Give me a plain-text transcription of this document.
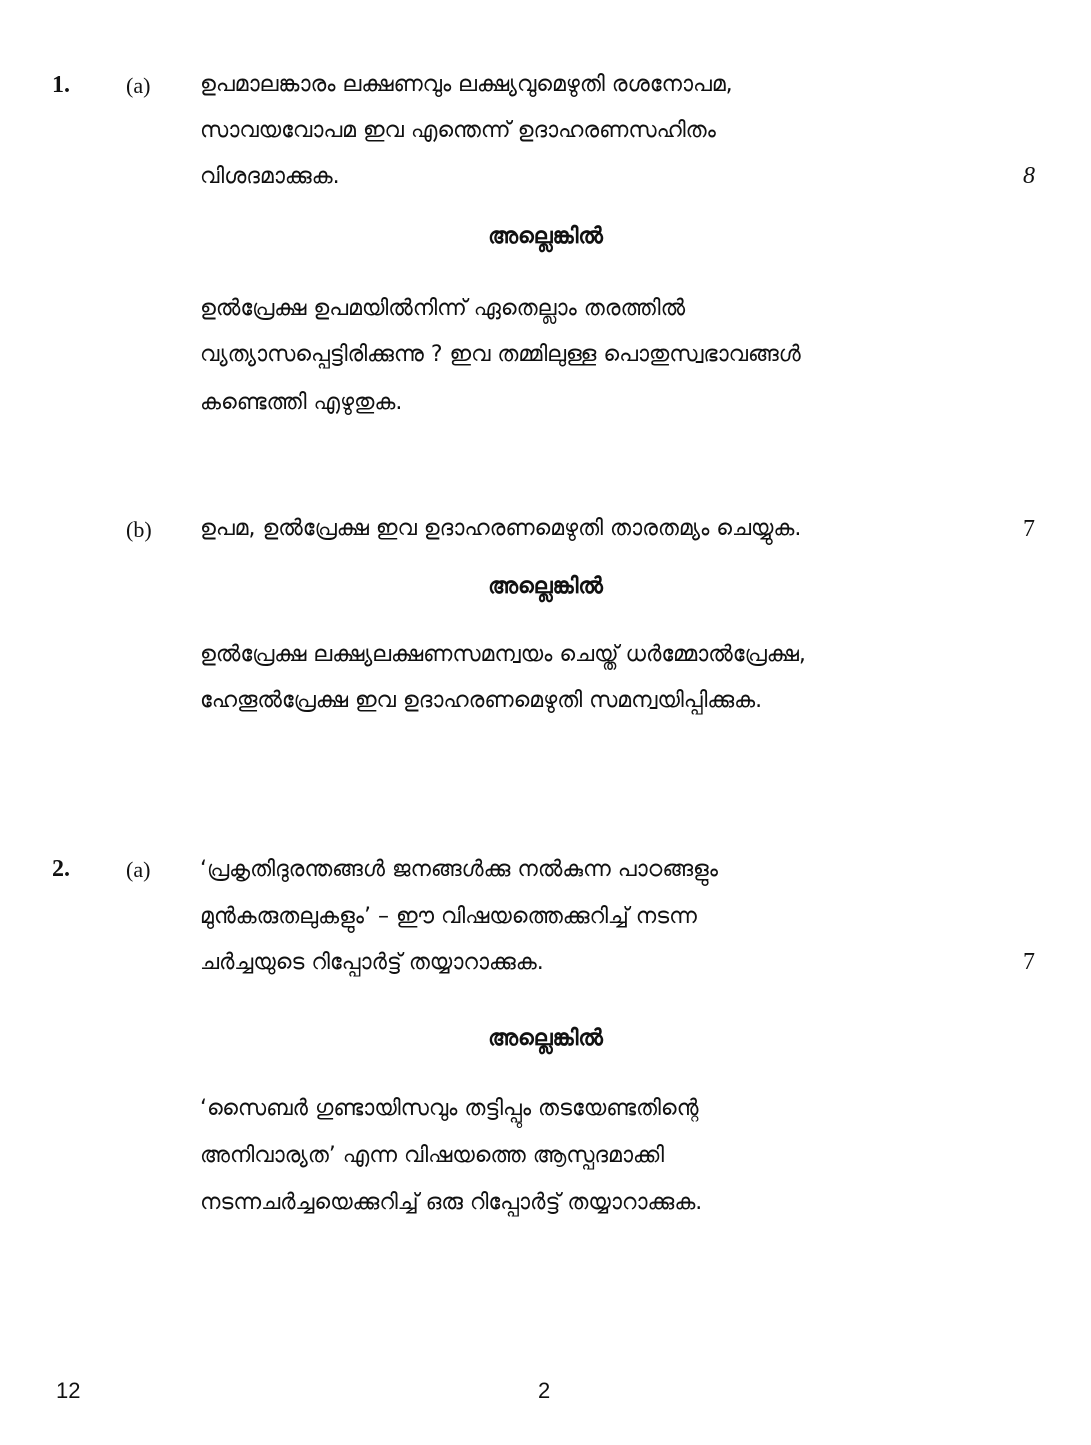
1.	(a) ഉപമാലങ്കാരം ലക്ഷണവും ലക്ഷ്യവുമെഴുതി രശനോപമ,
സാവയവോപമ ഇവ എന്തെന്ന് ഉദാഹരണസഹിതം
വിശദമാക്കുക.	8
അല്ലെങ്കിൽ
ഉൽപ്രേക്ഷ ഉപമയിൽനിന്ന് ഏതെല്ലാം തരത്തിൽ
വ്യത്യാസപ്പെട്ടിരിക്കുന്നു ? ഇവ തമ്മിലുള്ള പൊതുസ്വഭാവങ്ങൾ
കണ്ടെത്തി എഴുതുക.
(b) ഉപമ, ഉൽപ്രേക്ഷ ഇവ ഉദാഹരണമെഴുതി താരതമ്യം ചെയ്യുക.	7
അല്ലെങ്കിൽ
ഉൽപ്രേക്ഷ ലക്ഷ്യലക്ഷണസമന്വയം ചെയ്ത് ധർമ്മോൽപ്രേക്ഷ,
ഹേതൂൽപ്രേക്ഷ ഇവ ഉദാഹരണമെഴുതി സമന്വയിപ്പിക്കുക.
2.	(a) ‘പ്രകൃതിദുരന്തങ്ങൾ ജനങ്ങൾക്കു നൽകുന്ന പാഠങ്ങളും
മുൻകരുതലുകളും’ – ഈ വിഷയത്തെക്കുറിച്ച് നടന്ന
ചർച്ചയുടെ റിപ്പോർട്ട് തയ്യാറാക്കുക.	7
അല്ലെങ്കിൽ
‘സൈബർ ഗുണ്ടായിസവും തട്ടിപ്പും തടയേണ്ടതിന്റെ
അനിവാര്യത’ എന്ന വിഷയത്തെ ആസ്പദമാക്കി
നടന്നചർച്ചയെക്കുറിച്ച് ഒരു റിപ്പോർട്ട് തയ്യാറാക്കുക.
12	2
